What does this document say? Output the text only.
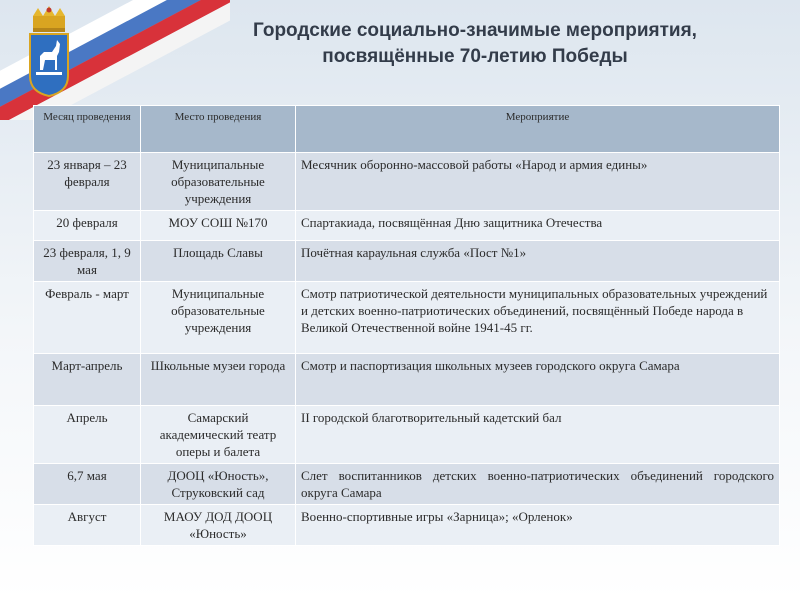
Городские социально-значимые мероприятия,
посвящённые 70-летию Победы
Месяц проведения	Место проведения	Мероприятие
23 января – 23 февраля	Муниципальные образовательные учреждения	Месячник оборонно-массовой работы «Народ и армия едины»
20 февраля	МОУ СОШ №170	Спартакиада, посвящённая Дню защитника Отечества
23 февраля, 1, 9 мая	Площадь Славы	Почётная караульная служба «Пост №1»
Февраль - март	Муниципальные образовательные учреждения	Смотр патриотической деятельности муниципальных образовательных учреждений и детских военно-патриотических объединений, посвящённый Победе народа в Великой Отечественной войне 1941-45 гг.
Март-апрель	Школьные музеи города	Смотр и паспортизация школьных музеев городского округа Самара
Апрель	Самарский академический театр оперы и балета	II городской благотворительный кадетский бал
6,7 мая	ДООЦ «Юность», Струковский сад	Слет воспитанников детских военно-патриотических объединений городского округа Самара
Август	МАОУ ДОД ДООЦ «Юность»	Военно-спортивные игры «Зарница»; «Орленок»
